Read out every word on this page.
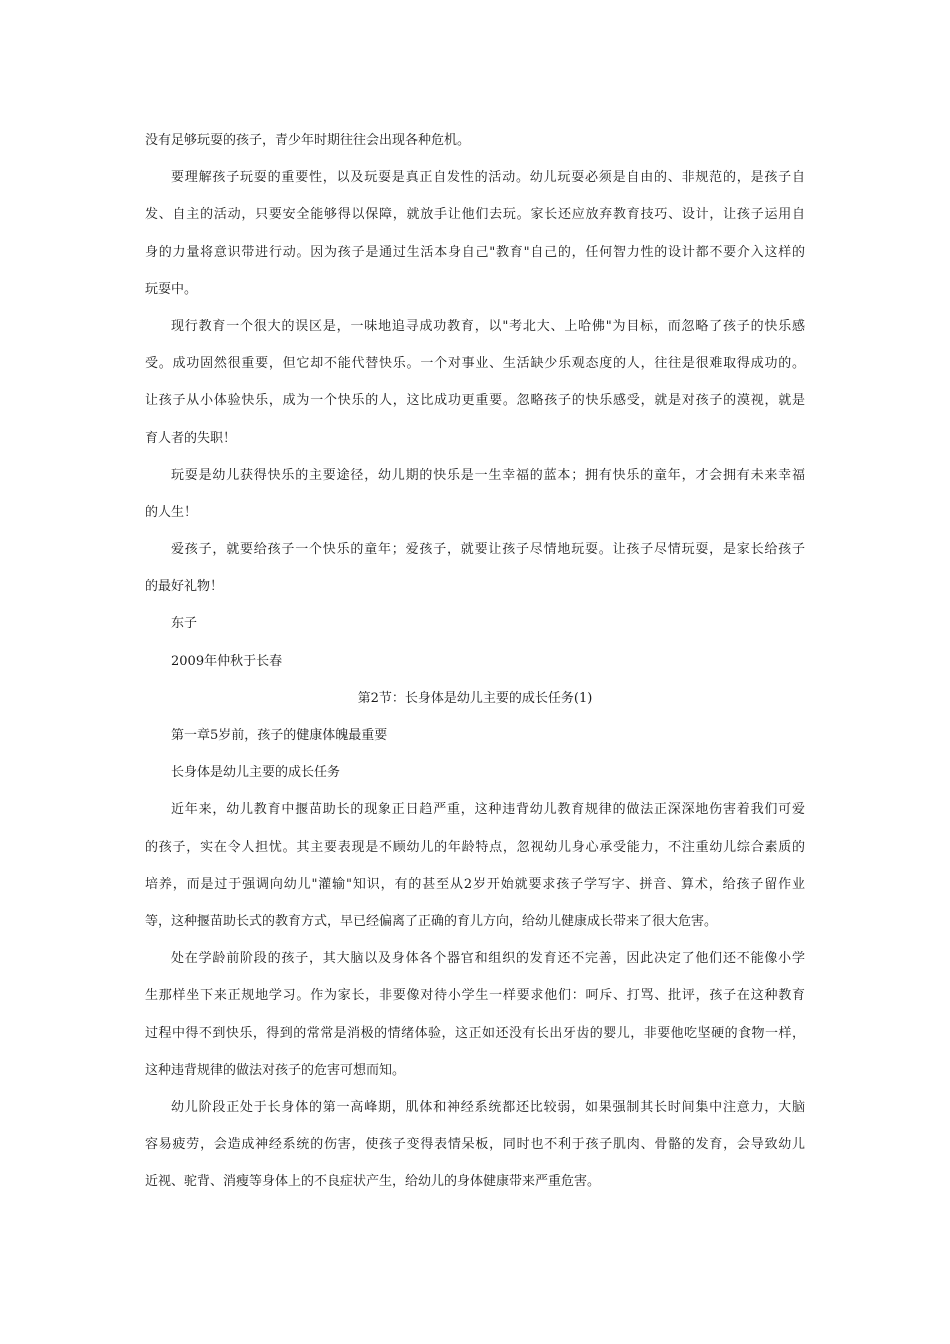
没有足够玩耍的孩子，青少年时期往往会出现各种危机。
要理解孩子玩耍的重要性，以及玩耍是真正自发性的活动。幼儿玩耍必须是自由的、非规范的，是孩子自
发、自主的活动，只要安全能够得以保障，就放手让他们去玩。家长还应放弃教育技巧、设计，让孩子运用自
身的力量将意识带进行动。因为孩子是通过生活本身自己"教育"自己的，任何智力性的设计都不要介入这样的
玩耍中。
现行教育一个很大的误区是，一味地追寻成功教育，以"考北大、上哈佛"为目标，而忽略了孩子的快乐感
受。成功固然很重要，但它却不能代替快乐。一个对事业、生活缺少乐观态度的人，往往是很难取得成功的。
让孩子从小体验快乐，成为一个快乐的人，这比成功更重要。忽略孩子的快乐感受，就是对孩子的漠视，就是
育人者的失职！
玩耍是幼儿获得快乐的主要途径，幼儿期的快乐是一生幸福的蓝本；拥有快乐的童年，才会拥有未来幸福
的人生！
爱孩子，就要给孩子一个快乐的童年；爱孩子，就要让孩子尽情地玩耍。让孩子尽情玩耍，是家长给孩子
的最好礼物！
东子
2009年仲秋于长春
第2节：长身体是幼儿主要的成长任务(1)
第一章5岁前，孩子的健康体魄最重要
长身体是幼儿主要的成长任务
近年来，幼儿教育中揠苗助长的现象正日趋严重，这种违背幼儿教育规律的做法正深深地伤害着我们可爱
的孩子，实在令人担忧。其主要表现是不顾幼儿的年龄特点，忽视幼儿身心承受能力，不注重幼儿综合素质的
培养，而是过于强调向幼儿"灌输"知识，有的甚至从2岁开始就要求孩子学写字、拼音、算术，给孩子留作业
等，这种揠苗助长式的教育方式，早已经偏离了正确的育儿方向，给幼儿健康成长带来了很大危害。
处在学龄前阶段的孩子，其大脑以及身体各个器官和组织的发育还不完善，因此决定了他们还不能像小学
生那样坐下来正规地学习。作为家长，非要像对待小学生一样要求他们：呵斥、打骂、批评，孩子在这种教育
过程中得不到快乐，得到的常常是消极的情绪体验，这正如还没有长出牙齿的婴儿，非要他吃坚硬的食物一样，
这种违背规律的做法对孩子的危害可想而知。
幼儿阶段正处于长身体的第一高峰期，肌体和神经系统都还比较弱，如果强制其长时间集中注意力，大脑
容易疲劳，会造成神经系统的伤害，使孩子变得表情呆板，同时也不利于孩子肌肉、骨骼的发育，会导致幼儿
近视、驼背、消瘦等身体上的不良症状产生，给幼儿的身体健康带来严重危害。
